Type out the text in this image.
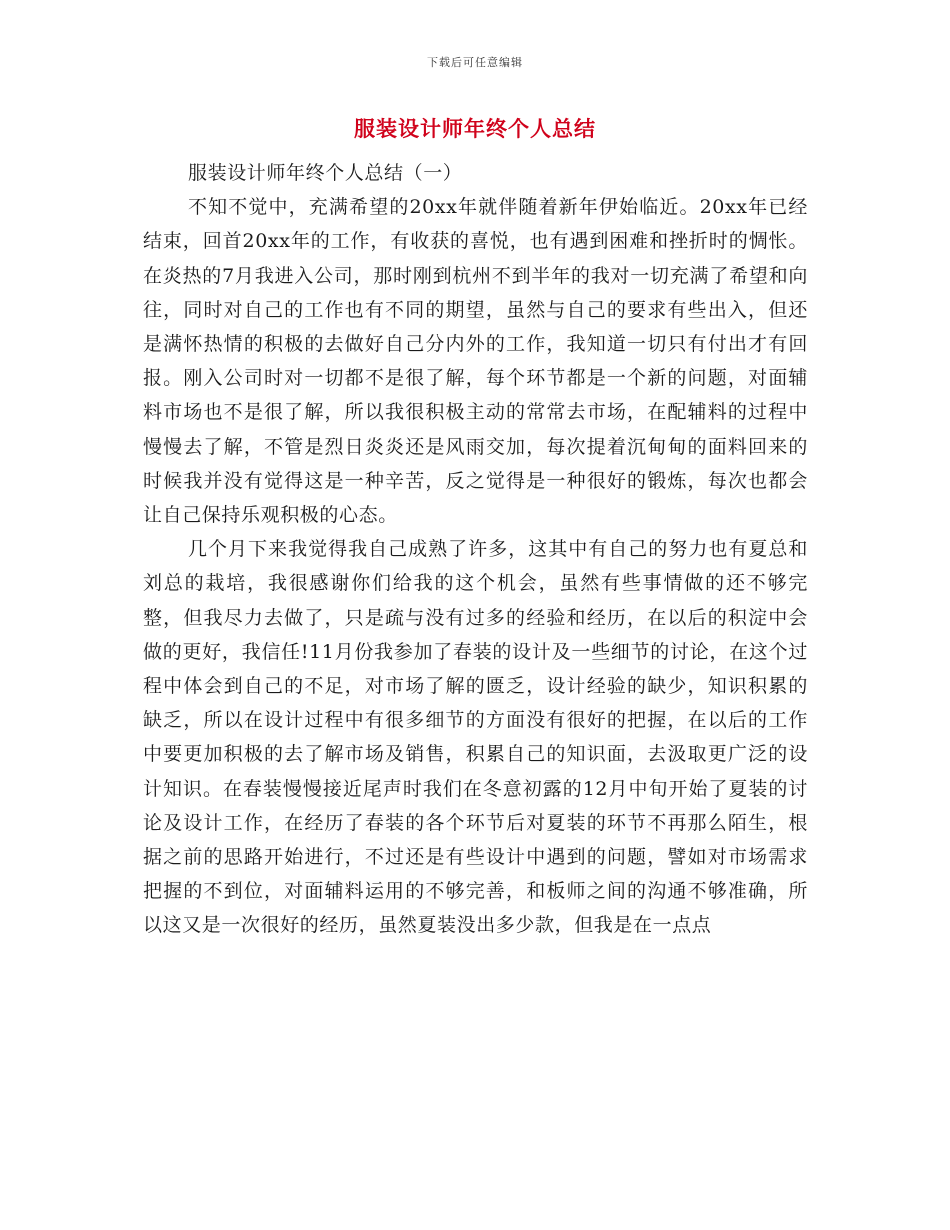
下载后可任意编辑
服装设计师年终个人总结

服装设计师年终个人总结（一）

不知不觉中，充满希望的20xx年就伴随着新年伊始临近。20xx年已经结束，回首20xx年的工作，有收获的喜悦，也有遇到困难和挫折时的惆怅。在炎热的7月我进入公司，那时刚到杭州不到半年的我对一切充满了希望和向往，同时对自己的工作也有不同的期望，虽然与自己的要求有些出入，但还是满怀热情的积极的去做好自己分内外的工作，我知道一切只有付出才有回报。刚入公司时对一切都不是很了解，每个环节都是一个新的问题，对面辅料市场也不是很了解，所以我很积极主动的常常去市场，在配辅料的过程中慢慢去了解，不管是烈日炎炎还是风雨交加，每次提着沉甸甸的面料回来的时候我并没有觉得这是一种辛苦，反之觉得是一种很好的锻炼，每次也都会让自己保持乐观积极的心态。

几个月下来我觉得我自己成熟了许多，这其中有自己的努力也有夏总和刘总的栽培，我很感谢你们给我的这个机会，虽然有些事情做的还不够完整，但我尽力去做了，只是疏与没有过多的经验和经历，在以后的积淀中会做的更好，我信任!11月份我参加了春装的设计及一些细节的讨论，在这个过程中体会到自己的不足，对市场了解的匮乏，设计经验的缺少，知识积累的缺乏，所以在设计过程中有很多细节的方面没有很好的把握，在以后的工作中要更加积极的去了解市场及销售，积累自己的知识面，去汲取更广泛的设计知识。在春装慢慢接近尾声时我们在冬意初露的12月中旬开始了夏装的讨论及设计工作，在经历了春装的各个环节后对夏装的环节不再那么陌生，根据之前的思路开始进行，不过还是有些设计中遇到的问题，譬如对市场需求把握的不到位，对面辅料运用的不够完善，和板师之间的沟通不够准确，所以这又是一次很好的经历，虽然夏装没出多少款，但我是在一点点
